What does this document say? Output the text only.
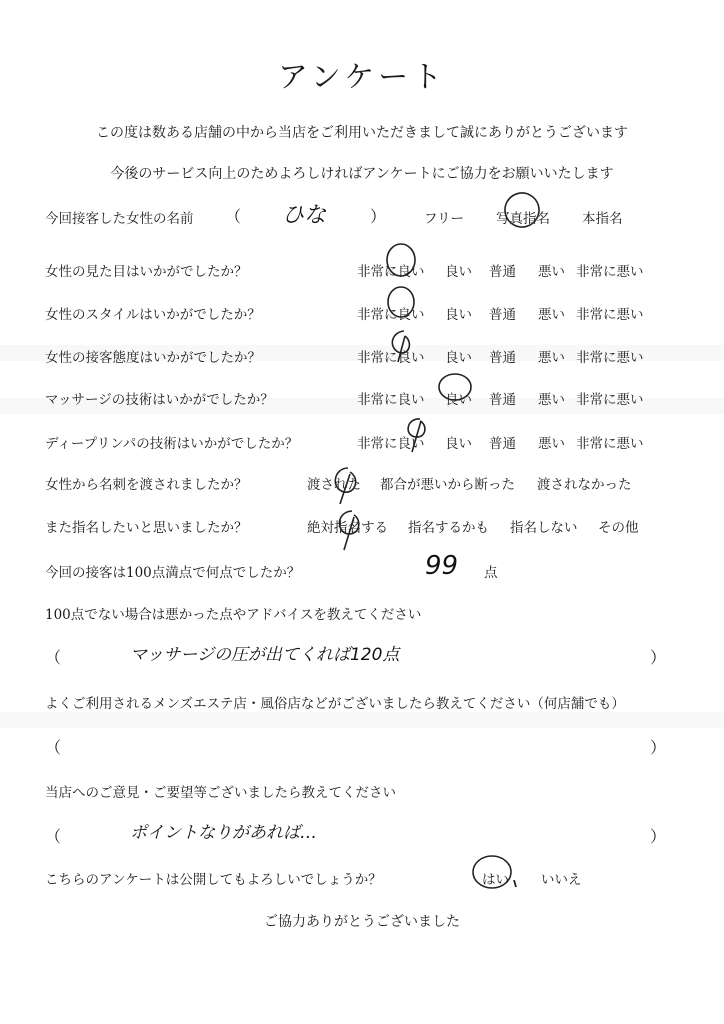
アンケート
この度は数ある店舗の中から当店をご利用いただきまして誠にありがとうございます
今後のサービス向上のためよろしければアンケートにご協力をお願いいたします
今回接客した女性の名前 （ ひな	）	フリー 写真指名 本指名
女性の見た目はいかがでしたか？	非常に良い 良い 普通 悪い 非常に悪い
女性のスタイルはいかがでしたか？	非常に良い 良い 普通 悪い 非常に悪い
女性の接客態度はいかがでしたか？	非常に良い 良い 普通 悪い 非常に悪い
マッサージの技術はいかがでしたか？	非常に良い 良い 普通 悪い 非常に悪い
ディープリンパの技術はいかがでしたか？	非常に良い 良い 普通 悪い 非常に悪い
女性から名刺を渡されましたか？	渡された 都合が悪いから断った 渡されなかった
また指名したいと思いましたか？	絶対指名する 指名するかも 指名しない その他
今回の接客は100点満点で何点でしたか？	99 点
100点でない場合は悪かった点やアドバイスを教えてください
（	マッサージの圧が出てくれば120点	）
よくご利用されるメンズエステ店・風俗店などがございましたら教えてください（何店舗でも）
（	）
当店へのご意見・ご要望等ございましたら教えてください
（	ポイントなりがあれば…	）
こちらのアンケートは公開してもよろしいでしょうか？	はい いいえ
ご協力ありがとうございました
